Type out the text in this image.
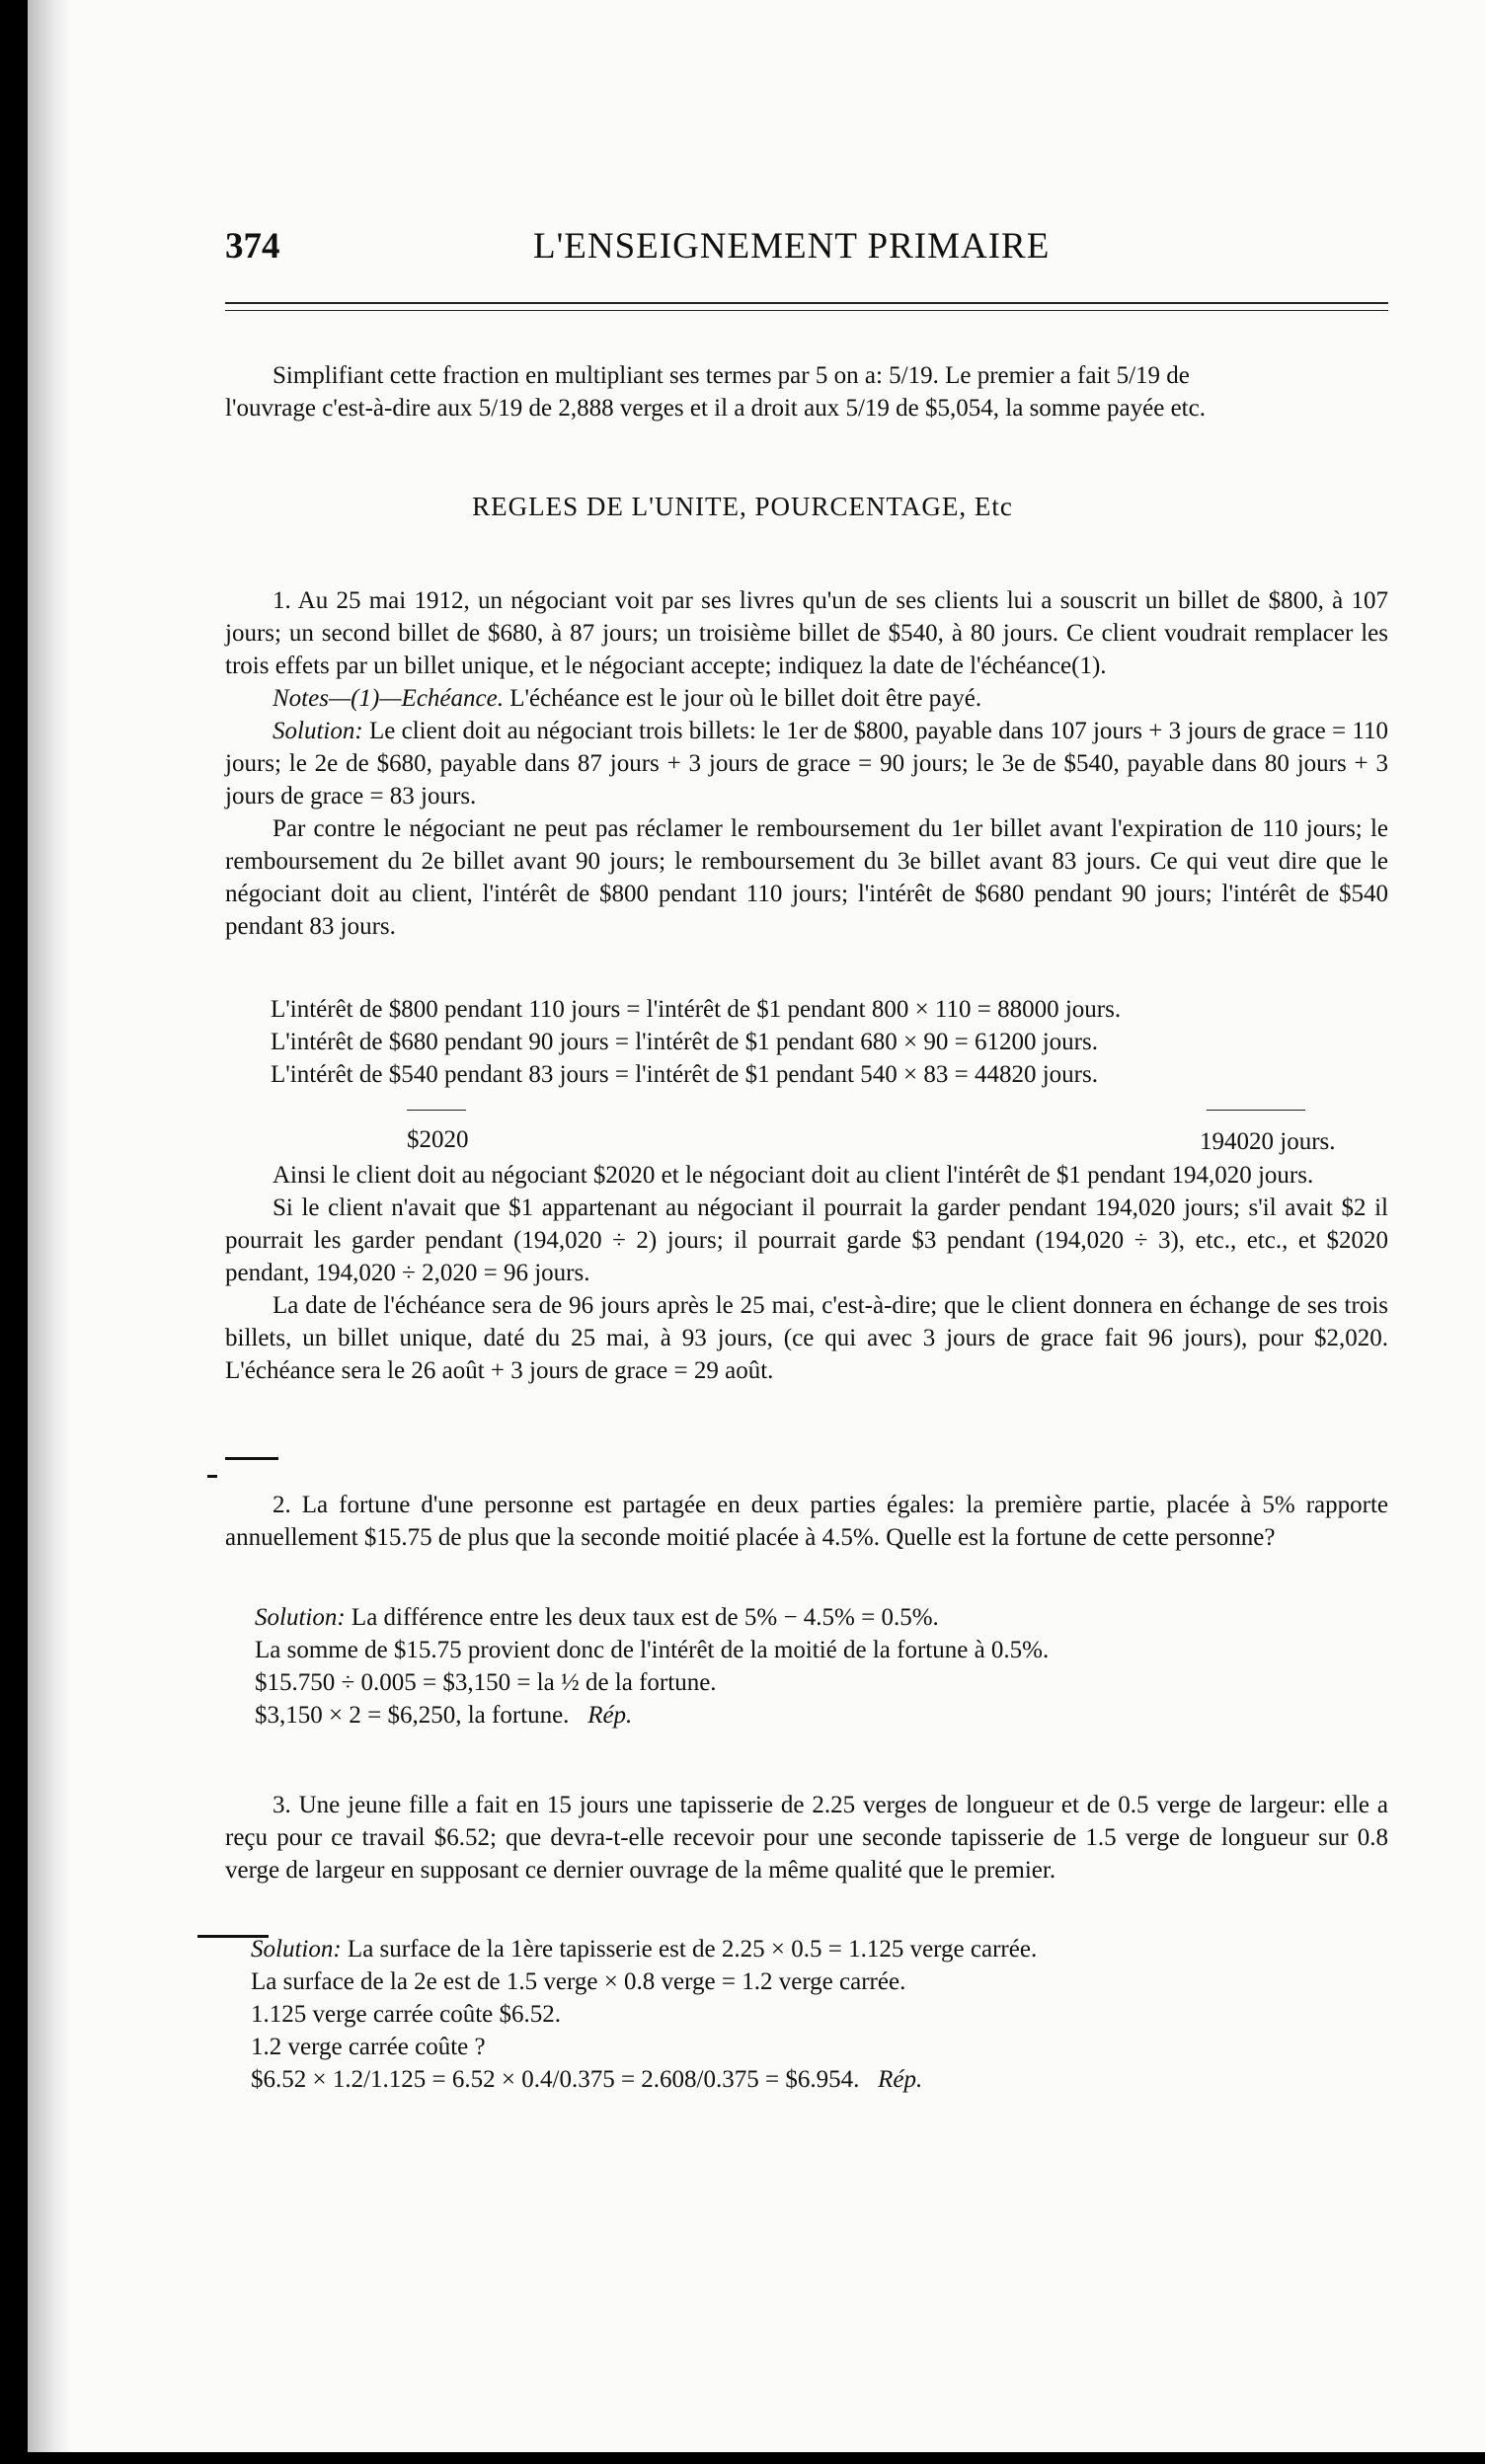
374	L'ENSEIGNEMENT PRIMAIRE

Simplifiant cette fraction en multipliant ses termes par 5 on a: 5/19. Le premier a fait 5/19 de

l'ouvrage c'est-à-dire aux 5/19 de 2,888 verges et il a droit aux 5/19 de $5,054, la somme payée etc.

REGLES DE L'UNITE, POURCENTAGE, Etc

1. Au 25 mai 1912, un négociant voit par ses livres qu'un de ses clients lui a souscrit un billet de $800, à 107 jours; un second billet de $680, à 87 jours; un troisième billet de $540, à 80 jours. Ce client voudrait remplacer les trois effets par un billet unique, et le négociant accepte; indiquez la date de l'échéance(1).

Notes—(1)—Echéance. L'échéance est le jour où le billet doit être payé.

Solution: Le client doit au négociant trois billets: le 1er de $800, payable dans 107 jours + 3 jours de grace = 110 jours; le 2e de $680, payable dans 87 jours + 3 jours de grace = 90 jours; le 3e de $540, payable dans 80 jours + 3 jours de grace = 83 jours.

Par contre le négociant ne peut pas réclamer le remboursement du 1er billet avant l'expiration de 110 jours; le remboursement du 2e billet avant 90 jours; le remboursement du 3e billet avant 83 jours. Ce qui veut dire que le négociant doit au client, l'intérêt de $800 pendant 110 jours; l'intérêt de $680 pendant 90 jours; l'intérêt de $540 pendant 83 jours.

L'intérêt de $800 pendant 110 jours = l'intérêt de $1 pendant 800 × 110 = 88000 jours.
L'intérêt de $680 pendant 90 jours = l'intérêt de $1 pendant 680 × 90 = 61200 jours.
L'intérêt de $540 pendant 83 jours = l'intérêt de $1 pendant 540 × 83 = 44820 jours.
$2020	194020 jours.

Ainsi le client doit au négociant $2020 et le négociant doit au client l'intérêt de $1 pendant 194,020 jours.

Si le client n'avait que $1 appartenant au négociant il pourrait la garder pendant 194,020 jours; s'il avait $2 il pourrait les garder pendant (194,020 ÷ 2) jours; il pourrait garde $3 pendant (194,020 ÷ 3), etc., etc., et $2020 pendant, 194,020 ÷ 2,020 = 96 jours.

La date de l'échéance sera de 96 jours après le 25 mai, c'est-à-dire; que le client donnera en échange de ses trois billets, un billet unique, daté du 25 mai, à 93 jours, (ce qui avec 3 jours de grace fait 96 jours), pour $2,020. L'échéance sera le 26 août + 3 jours de grace = 29 août.

2. La fortune d'une personne est partagée en deux parties égales: la première partie, placée à 5% rapporte annuellement $15.75 de plus que la seconde moitié placée à 4.5%. Quelle est la fortune de cette personne?

Solution: La différence entre les deux taux est de 5% − 4.5% = 0.5%.
La somme de $15.75 provient donc de l'intérêt de la moitié de la fortune à 0.5%.
$15.750 ÷ 0.005 = $3,150 = la ½ de la fortune.
$3,150 × 2 = $6,250, la fortune. Rép.

3. Une jeune fille a fait en 15 jours une tapisserie de 2.25 verges de longueur et de 0.5 verge de largeur: elle a reçu pour ce travail $6.52; que devra-t-elle recevoir pour une seconde tapisserie de 1.5 verge de longueur sur 0.8 verge de largeur en supposant ce dernier ouvrage de la même qualité que le premier.

Solution: La surface de la 1ère tapisserie est de 2.25 × 0.5 = 1.125 verge carrée.
La surface de la 2e est de 1.5 verge × 0.8 verge = 1.2 verge carrée.
1.125 verge carrée coûte $6.52.
1.2 verge carrée coûte ?
$6.52 × 1.2/1.125 = 6.52 × 0.4/0.375 = 2.608/0.375 = $6.954. Rép.
